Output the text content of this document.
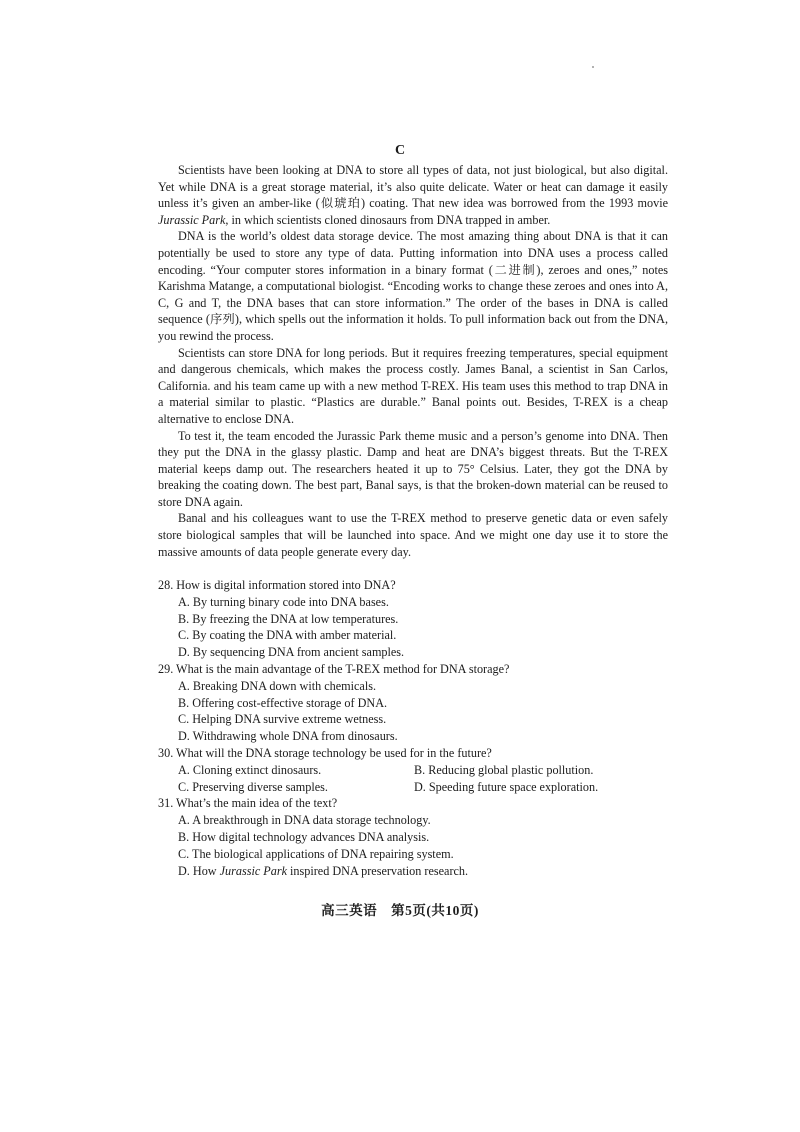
C

Scientists have been looking at DNA to store all types of data, not just biological, but also digital. Yet while DNA is a great storage material, it’s also quite delicate. Water or heat can damage it easily unless it’s given an amber-like (似琥珀) coating. That new idea was borrowed from the 1993 movie Jurassic Park, in which scientists cloned dinosaurs from DNA trapped in amber.

DNA is the world’s oldest data storage device. The most amazing thing about DNA is that it can potentially be used to store any type of data. Putting information into DNA uses a process called encoding. “Your computer stores information in a binary format (二进制), zeroes and ones,” notes Karishma Matange, a computational biologist. “Encoding works to change these zeroes and ones into A, C, G and T, the DNA bases that can store information.” The order of the bases in DNA is called sequence (序列), which spells out the information it holds. To pull information back out from the DNA, you rewind the process.

Scientists can store DNA for long periods. But it requires freezing temperatures, special equipment and dangerous chemicals, which makes the process costly. James Banal, a scientist in San Carlos, California. and his team came up with a new method T-REX. His team uses this method to trap DNA in a material similar to plastic. “Plastics are durable.” Banal points out. Besides, T-REX is a cheap alternative to enclose DNA.

To test it, the team encoded the Jurassic Park theme music and a person’s genome into DNA. Then they put the DNA in the glassy plastic. Damp and heat are DNA’s biggest threats. But the T-REX material keeps damp out. The researchers heated it up to 75° Celsius. Later, they got the DNA by breaking the coating down. The best part, Banal says, is that the broken-down material can be reused to store DNA again.

Banal and his colleagues want to use the T-REX method to preserve genetic data or even safely store biological samples that will be launched into space. And we might one day use it to store the massive amounts of data people generate every day.

28. How is digital information stored into DNA?

A. By turning binary code into DNA bases.
B. By freezing the DNA at low temperatures.
C. By coating the DNA with amber material.
D. By sequencing DNA from ancient samples.

29. What is the main advantage of the T-REX method for DNA storage?

A. Breaking DNA down with chemicals.
B. Offering cost-effective storage of DNA.
C. Helping DNA survive extreme wetness.
D. Withdrawing whole DNA from dinosaurs.

30. What will the DNA storage technology be used for in the future?

A. Cloning extinct dinosaurs.	B. Reducing global plastic pollution.
C. Preserving diverse samples.	D. Speeding future space exploration.

31. What’s the main idea of the text?

A. A breakthrough in DNA data storage technology.
B. How digital technology advances DNA analysis.
C. The biological applications of DNA repairing system.
D. How Jurassic Park inspired DNA preservation research.
高三英语　第5页(共10页)
